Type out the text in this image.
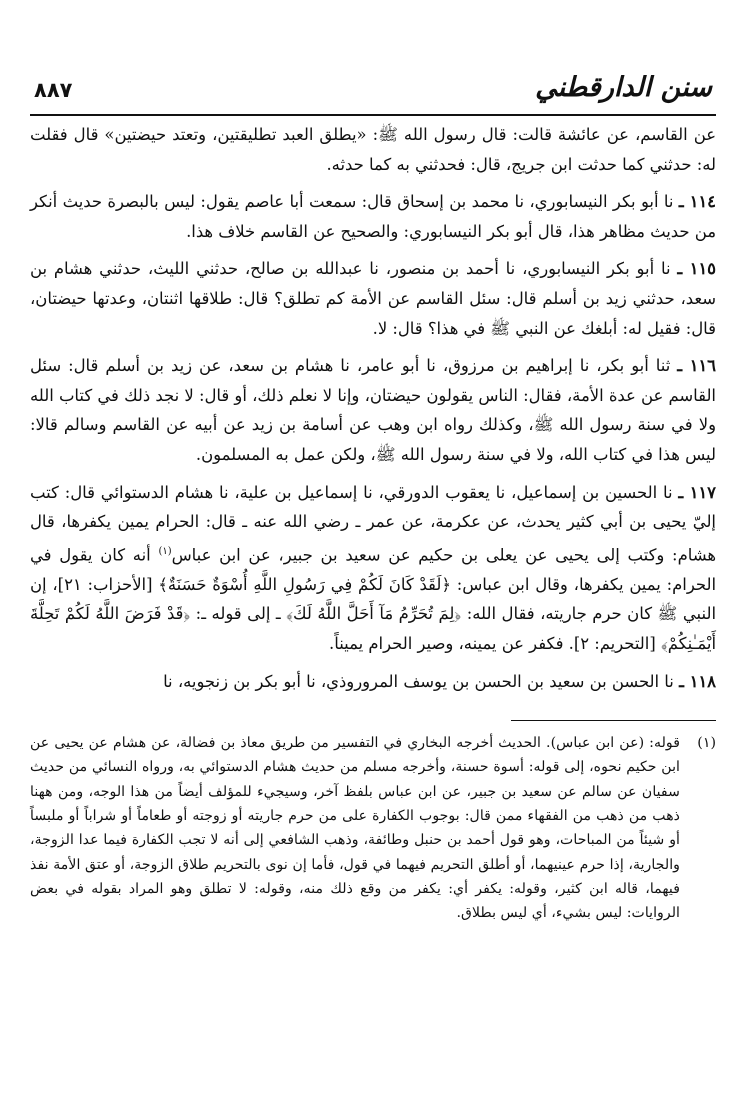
سنن الدارقطني
٨٨٧

عن القاسم، عن عائشة قالت: قال رسول الله ﷺ: «يطلق العبد تطليقتين، وتعتد حيضتين» قال فقلت له: حدثني كما حدثت ابن جريج، قال: فحدثني به كما حدثه.

١١٤ ـ نا أبو بكر النيسابوري، نا محمد بن إسحاق قال: سمعت أبا عاصم يقول: ليس بالبصرة حديث أنكر من حديث مظاهر هذا، قال أبو بكر النيسابوري: والصحيح عن القاسم خلاف هذا.

١١٥ ـ نا أبو بكر النيسابوري، نا أحمد بن منصور، نا عبدالله بن صالح، حدثني الليث، حدثني هشام بن سعد، حدثني زيد بن أسلم قال: سئل القاسم عن الأمة كم تطلق؟ قال: طلاقها اثنتان، وعدتها حيضتان، قال: فقيل له: أبلغك عن النبي ﷺ في هذا؟ قال: لا.

١١٦ ـ ثنا أبو بكر، نا إبراهيم بن مرزوق، نا أبو عامر، نا هشام بن سعد، عن زيد بن أسلم قال: سئل القاسم عن عدة الأمة، فقال: الناس يقولون حيضتان، وإنا لا نعلم ذلك، أو قال: لا نجد ذلك في كتاب الله ولا في سنة رسول الله ﷺ، وكذلك رواه ابن وهب عن أسامة بن زيد عن أبيه عن القاسم وسالم قالا: ليس هذا في كتاب الله، ولا في سنة رسول الله ﷺ، ولكن عمل به المسلمون.

١١٧ ـ نا الحسين بن إسماعيل، نا يعقوب الدورقي، نا إسماعيل بن علية، نا هشام الدستوائي قال: كتب إليّ يحيى بن أبي كثير يحدث، عن عكرمة، عن عمر ـ رضي الله عنه ـ قال: الحرام يمين يكفرها، قال هشام: وكتب إلى يحيى عن يعلى بن حكيم عن سعيد بن جبير، عن ابن عباس$^{(١)}$ أنه كان يقول في الحرام: يمين يكفرها، وقال ابن عباس: ﴿لَقَدْ كَانَ لَكُمْ فِي رَسُولِ اللَّهِ أُسْوَةٌ حَسَنَةٌ﴾ [الأحزاب: ٢١]، إن النبي ﷺ كان حرم جاريته، فقال الله: ﴿لِمَ تُحَرِّمُ مَآ أَحَلَّ اللَّهُ لَكَ﴾ ـ إلى قوله ـ: ﴿قَدْ فَرَضَ اللَّهُ لَكُمْ تَحِلَّةَ أَيْمَـٰنِكُمْ﴾ [التحريم: ٢]. فكفر عن يمينه، وصير الحرام يميناً.

١١٨ ـ نا الحسن بن سعيد بن الحسن بن يوسف المروروذي، نا أبو بكر بن زنجويه، نا

(١)
قوله: (عن ابن عباس). الحديث أخرجه البخاري في التفسير من طريق معاذ بن فضالة، عن هشام عن يحيى عن ابن حكيم نحوه، إلى قوله: أسوة حسنة، وأخرجه مسلم من حديث هشام الدستوائي به، ورواه النسائي من حديث سفيان عن سالم عن سعيد بن جبير، عن ابن عباس بلفظ آخر، وسيجيء للمؤلف أيضاً من هذا الوجه، ومن ههنا ذهب من ذهب من الفقهاء ممن قال: بوجوب الكفارة على من حرم جاريته أو زوجته أو طعاماً أو شراباً أو ملبساً أو شيئاً من المباحات، وهو قول أحمد بن حنبل وطائفة، وذهب الشافعي إلى أنه لا تجب الكفارة فيما عدا الزوجة، والجارية، إذا حرم عينيهما، أو أطلق التحريم فيهما في قول، فأما إن نوى بالتحريم طلاق الزوجة، أو عتق الأمة نفذ فيهما، قاله ابن كثير، وقوله: يكفر أي: يكفر من وقع ذلك منه، وقوله: لا تطلق وهو المراد بقوله في بعض الروايات: ليس بشيء، أي ليس بطلاق.
